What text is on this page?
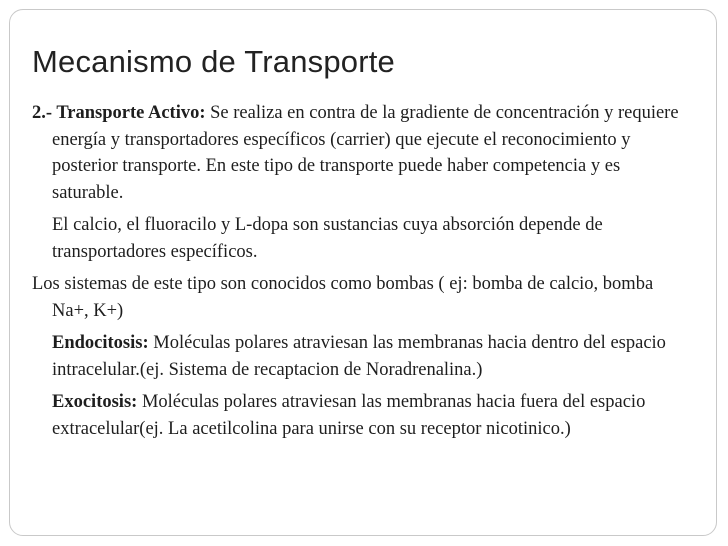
Mecanismo de Transporte

2.- Transporte Activo: Se realiza en contra de la gradiente de concentración y requiere energía y transportadores específicos (carrier) que ejecute el reconocimiento y posterior transporte. En este tipo de transporte puede haber competencia y es saturable.

El calcio, el fluoracilo y L-dopa son sustancias cuya absorción depende de transportadores específicos.

Los sistemas de este tipo son conocidos como bombas ( ej: bomba de calcio, bomba Na+, K+)

Endocitosis: Moléculas polares atraviesan las membranas hacia dentro del espacio intracelular.(ej. Sistema de recaptacion de Noradrenalina.)

Exocitosis: Moléculas polares atraviesan las membranas hacia fuera del espacio extracelular(ej. La acetilcolina para unirse con su receptor nicotinico.)
